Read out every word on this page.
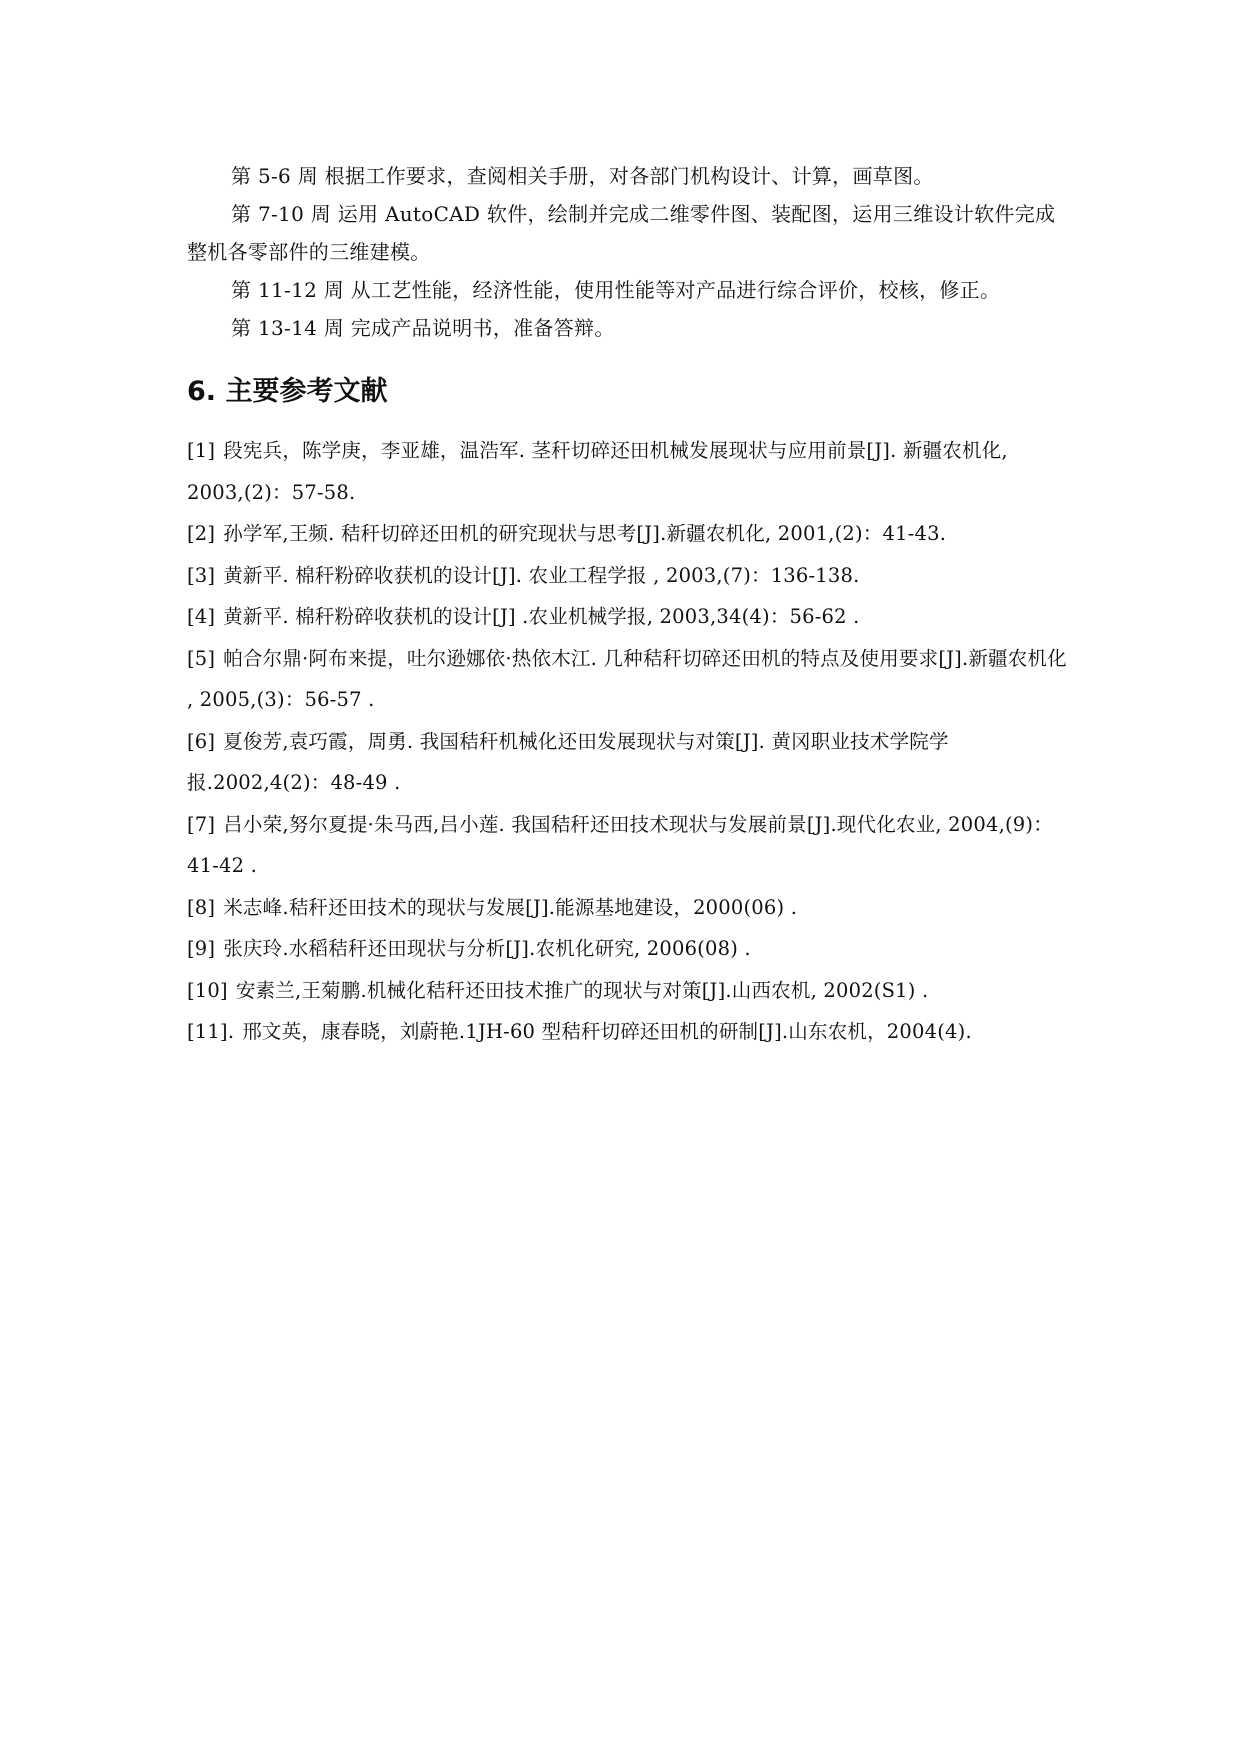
第 5-6 周 根据工作要求，查阅相关手册，对各部门机构设计、计算，画草图。

第 7-10 周 运用 AutoCAD 软件，绘制并完成二维零件图、装配图，运用三维设计软件完成整机各零部件的三维建模。

第 11-12 周 从工艺性能，经济性能，使用性能等对产品进行综合评价，校核，修正。

第 13-14 周 完成产品说明书，准备答辩。

6. 主要参考文献

[1] 段宪兵，陈学庚，李亚雄，温浩军. 茎秆切碎还田机械发展现状与应用前景[J]. 新疆农机化, 2003,(2)：57-58.

[2] 孙学军,王频. 秸秆切碎还田机的研究现状与思考[J].新疆农机化, 2001,(2)：41-43.

[3] 黄新平. 棉秆粉碎收获机的设计[J]. 农业工程学报 , 2003,(7)：136-138.

[4] 黄新平. 棉秆粉碎收获机的设计[J] .农业机械学报, 2003,34(4)：56-62 .

[5] 帕合尔鼎·阿布来提，吐尔逊娜依·热依木江. 几种秸秆切碎还田机的特点及使用要求[J].新疆农机化 , 2005,(3)：56-57 .

[6] 夏俊芳,袁巧霞，周勇. 我国秸秆机械化还田发展现状与对策[J]. 黄冈职业技术学院学报.2002,4(2)：48-49 .

[7] 吕小荣,努尔夏提·朱马西,吕小莲. 我国秸秆还田技术现状与发展前景[J].现代化农业, 2004,(9)：41-42 .

[8] 米志峰.秸秆还田技术的现状与发展[J].能源基地建设，2000(06) .

[9] 张庆玲.水稻秸秆还田现状与分析[J].农机化研究, 2006(08) .

[10] 安素兰,王菊鹏.机械化秸秆还田技术推广的现状与对策[J].山西农机, 2002(S1) .

[11]. 邢文英，康春晓，刘蔚艳.1JH-60 型秸秆切碎还田机的研制[J].山东农机，2004(4).
